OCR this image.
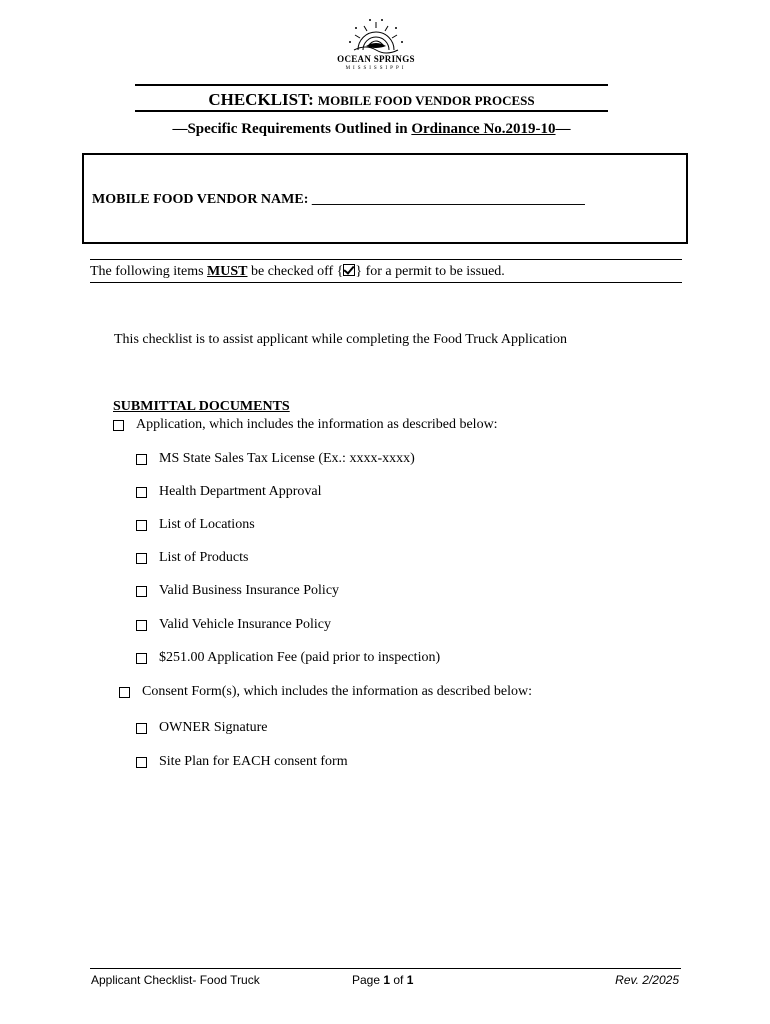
OCEAN SPRINGS
MISSISSIPPI
CHECKLIST: MOBILE FOOD VENDOR PROCESS
—Specific Requirements Outlined in Ordinance No.2019-10—
MOBILE FOOD VENDOR NAME: _______________________________________
The following items MUST be checked off { } for a permit to be issued.
This checklist is to assist applicant while completing the Food Truck Application
SUBMITTAL DOCUMENTS
Application, which includes the information as described below:
MS State Sales Tax License (Ex.: xxxx-xxxx)
Health Department Approval
List of Locations
List of Products
Valid Business Insurance Policy
Valid Vehicle Insurance Policy
$251.00 Application Fee (paid prior to inspection)
Consent Form(s), which includes the information as described below:
OWNER Signature
Site Plan for EACH consent form
Applicant Checklist- Food Truck	Page 1 of 1	Rev. 2/2025
